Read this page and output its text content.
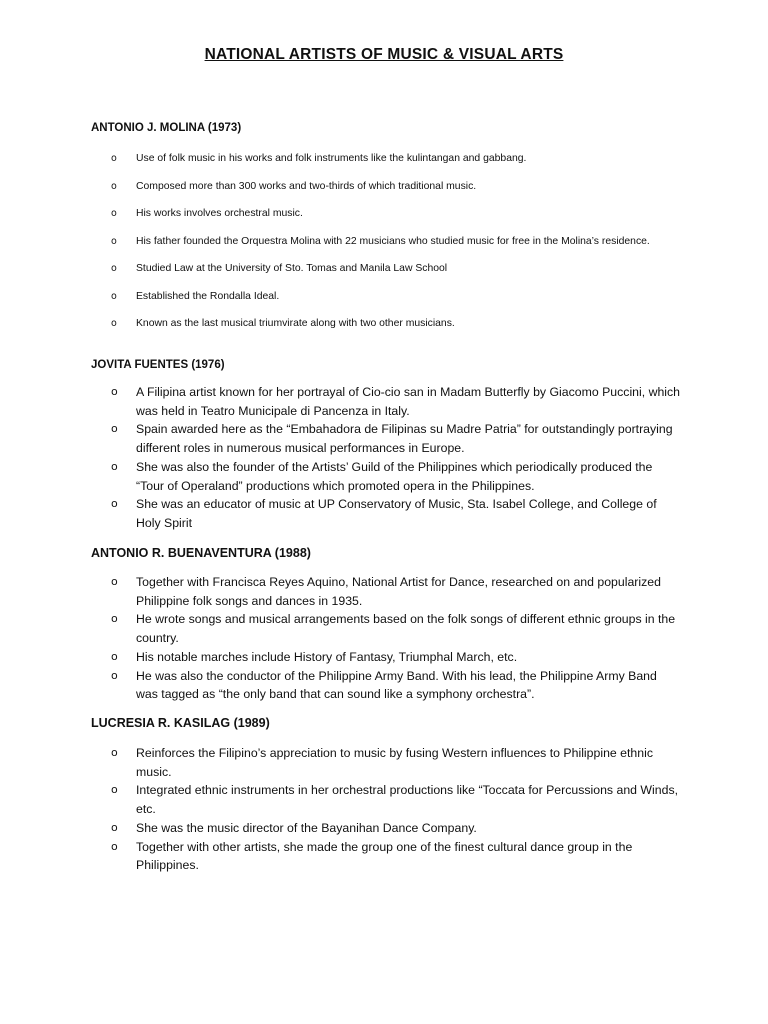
NATIONAL ARTISTS OF MUSIC & VISUAL ARTS
ANTONIO J. MOLINA (1973)
o Use of folk music in his works and folk instruments like the kulintangan and gabbang.
o Composed more than 300 works and two-thirds of which traditional music.
o His works involves orchestral music.
o His father founded the Orquestra Molina with 22 musicians who studied music for free in the Molina’s residence.
o Studied Law at the University of Sto. Tomas and Manila Law School
o Established the Rondalla Ideal.
o Known as the last musical triumvirate along with two other musicians.
JOVITA FUENTES (1976)
o A Filipina artist known for her portrayal of Cio-cio san in Madam Butterfly by Giacomo Puccini, which was held in Teatro Municipale di Pancenza in Italy.
o Spain awarded here as the “Embahadora de Filipinas su Madre Patria” for outstandingly portraying different roles in numerous musical performances in Europe.
o She was also the founder of the Artists’ Guild of the Philippines which periodically produced the “Tour of Operaland” productions which promoted opera in the Philippines.
o She was an educator of music at UP Conservatory of Music, Sta. Isabel College, and College of Holy Spirit
ANTONIO R. BUENAVENTURA (1988)
o Together with Francisca Reyes Aquino, National Artist for Dance, researched on and popularized Philippine folk songs and dances in 1935.
o He wrote songs and musical arrangements based on the folk songs of different ethnic groups in the country.
o His notable marches include History of Fantasy, Triumphal March, etc.
o He was also the conductor of the Philippine Army Band. With his lead, the Philippine Army Band was tagged as “the only band that can sound like a symphony orchestra”.
LUCRESIA R. KASILAG (1989)
o Reinforces the Filipino’s appreciation to music by fusing Western influences to Philippine ethnic music.
o Integrated ethnic instruments in her orchestral productions like “Toccata for Percussions and Winds, etc.
o She was the music director of the Bayanihan Dance Company.
o Together with other artists, she made the group one of the finest cultural dance group in the Philippines.
